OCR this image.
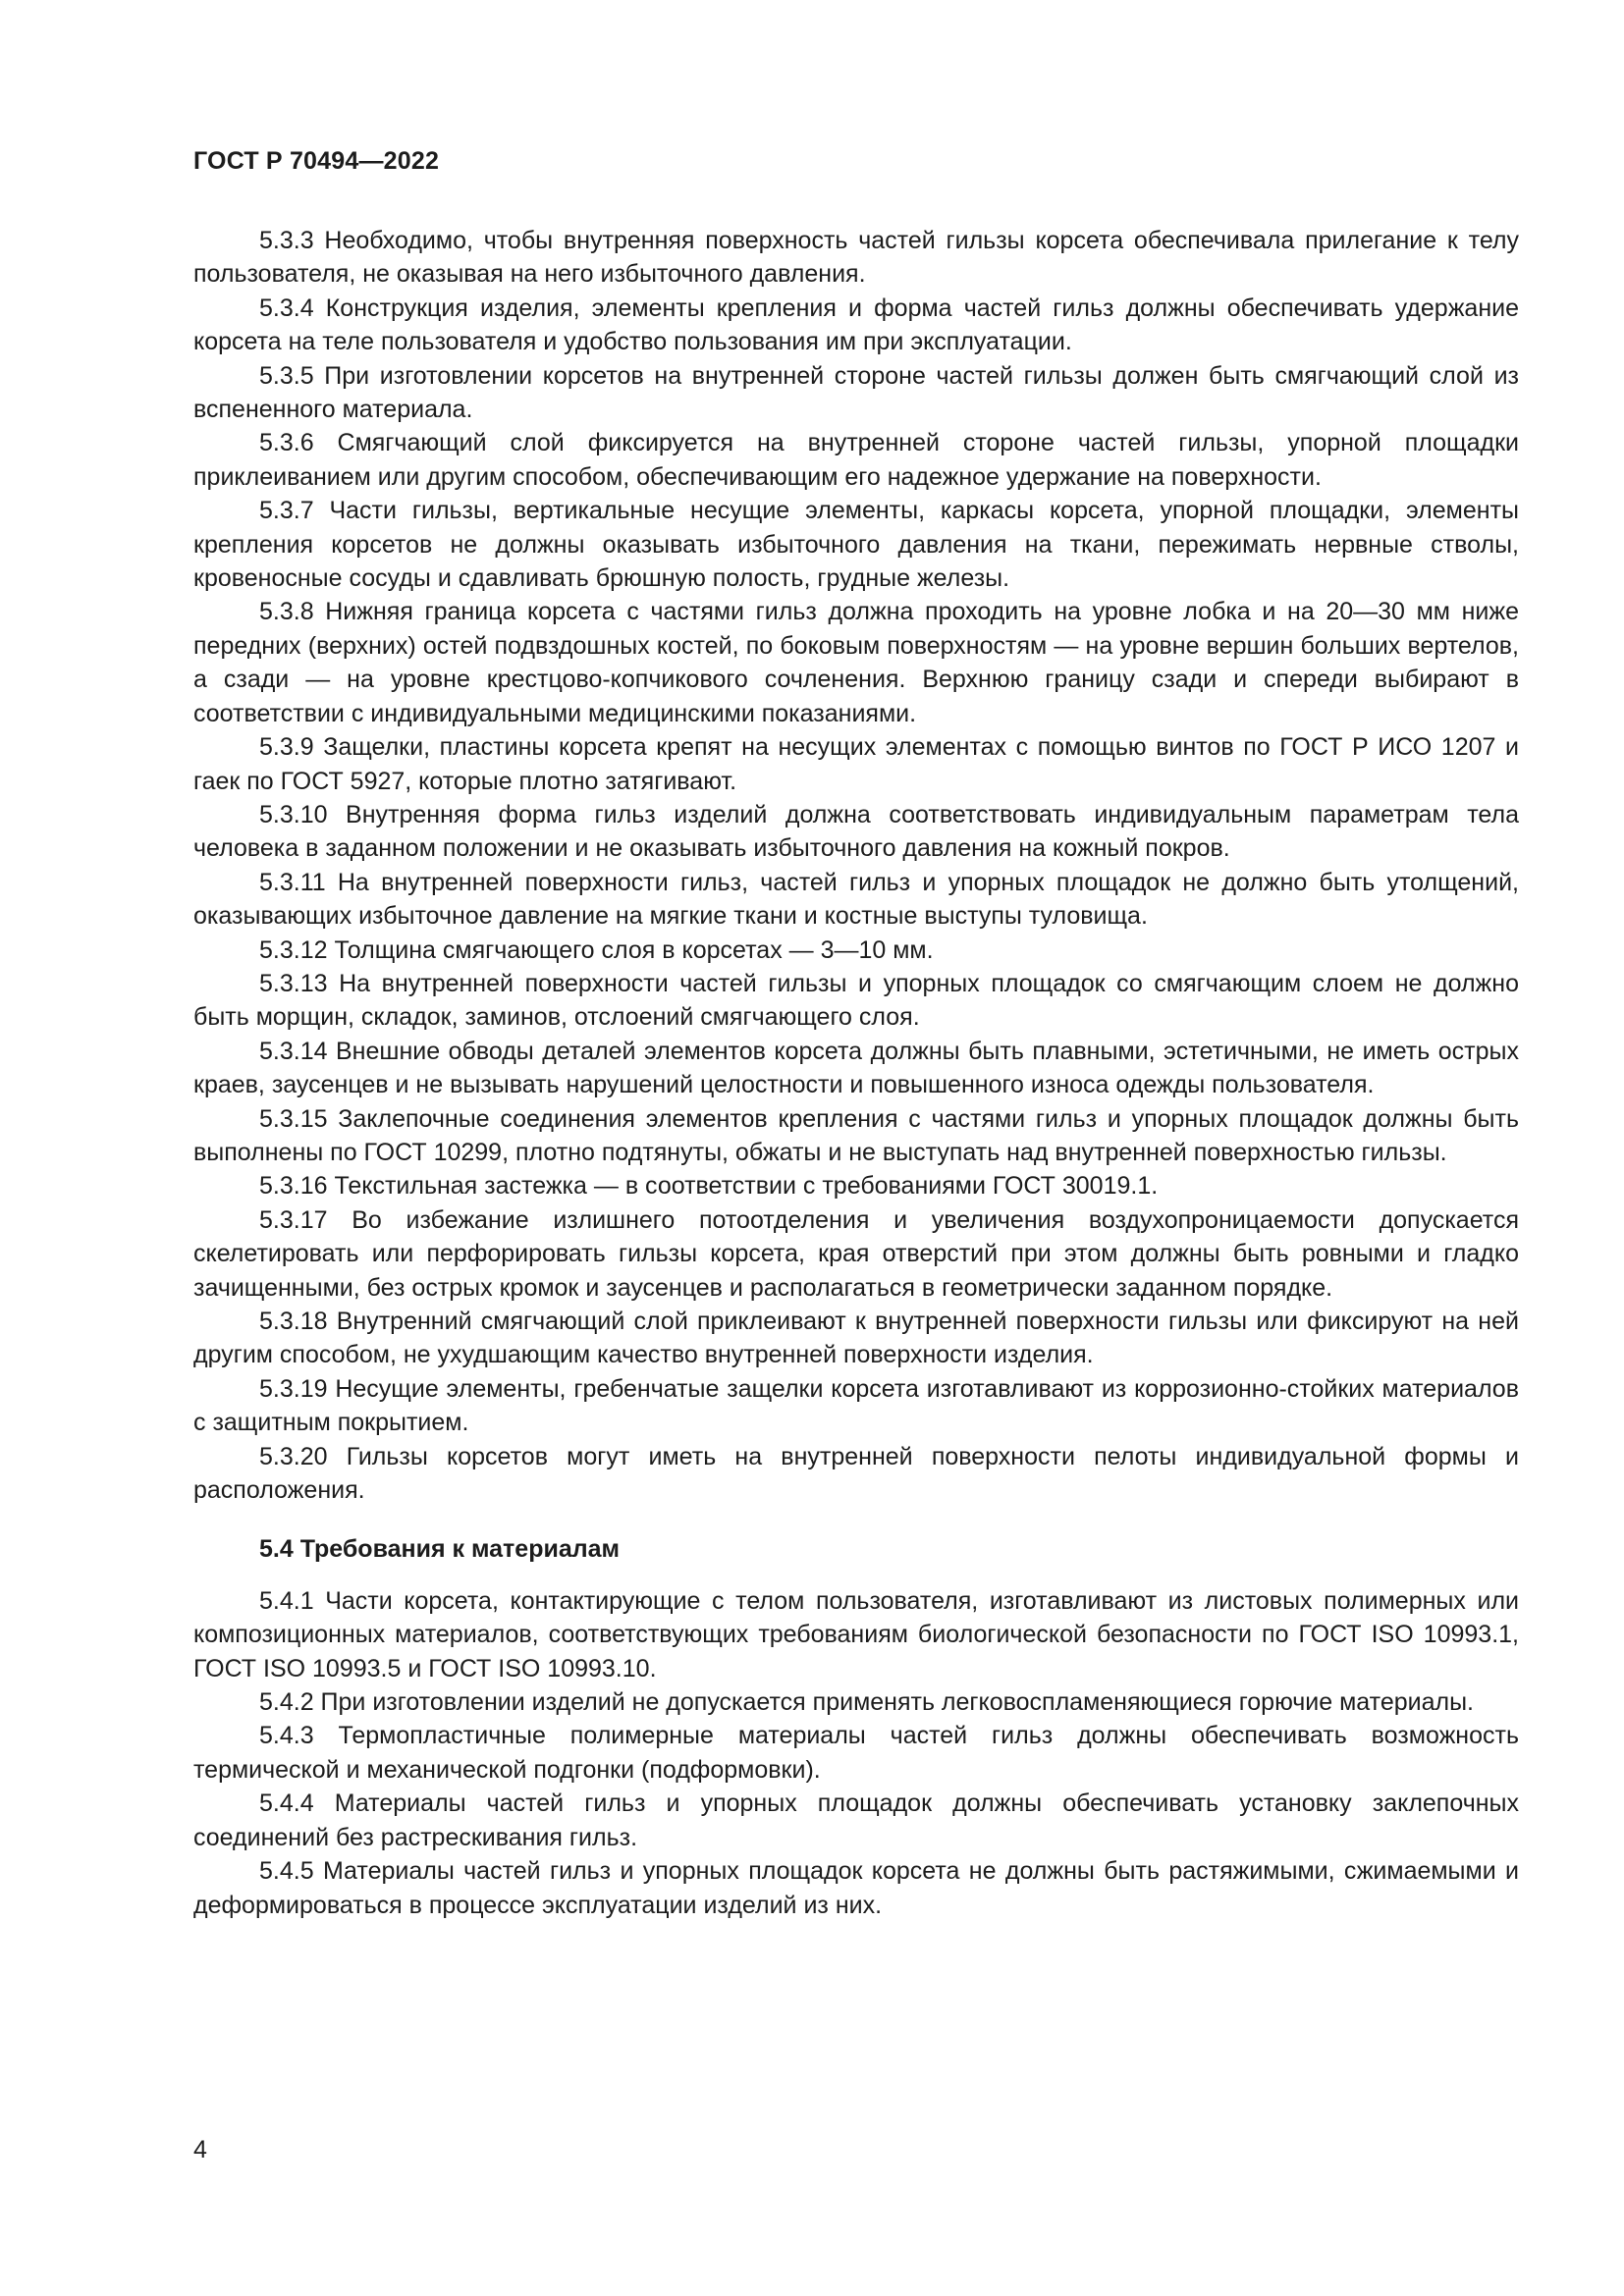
ГОСТ Р 70494—2022

5.3.3 Необходимо, чтобы внутренняя поверхность частей гильзы корсета обеспечивала прилегание к телу пользователя, не оказывая на него избыточного давления.

5.3.4 Конструкция изделия, элементы крепления и форма частей гильз должны обеспечивать удержание корсета на теле пользователя и удобство пользования им при эксплуатации.

5.3.5 При изготовлении корсетов на внутренней стороне частей гильзы должен быть смягчающий слой из вспененного материала.

5.3.6 Смягчающий слой фиксируется на внутренней стороне частей гильзы, упорной площадки приклеиванием или другим способом, обеспечивающим его надежное удержание на поверхности.

5.3.7 Части гильзы, вертикальные несущие элементы, каркасы корсета, упорной площадки, элементы крепления корсетов не должны оказывать избыточного давления на ткани, пережимать нервные стволы, кровеносные сосуды и сдавливать брюшную полость, грудные железы.

5.3.8 Нижняя граница корсета с частями гильз должна проходить на уровне лобка и на 20—30 мм ниже передних (верхних) остей подвздошных костей, по боковым поверхностям — на уровне вершин больших вертелов, а сзади — на уровне крестцово-копчикового сочленения. Верхнюю границу сзади и спереди выбирают в соответствии с индивидуальными медицинскими показаниями.

5.3.9 Защелки, пластины корсета крепят на несущих элементах с помощью винтов по ГОСТ Р ИСО 1207 и гаек по ГОСТ 5927, которые плотно затягивают.

5.3.10 Внутренняя форма гильз изделий должна соответствовать индивидуальным параметрам тела человека в заданном положении и не оказывать избыточного давления на кожный покров.

5.3.11 На внутренней поверхности гильз, частей гильз и упорных площадок не должно быть утолщений, оказывающих избыточное давление на мягкие ткани и костные выступы туловища.

5.3.12 Толщина смягчающего слоя в корсетах — 3—10 мм.

5.3.13 На внутренней поверхности частей гильзы и упорных площадок со смягчающим слоем не должно быть морщин, складок, заминов, отслоений смягчающего слоя.

5.3.14 Внешние обводы деталей элементов корсета должны быть плавными, эстетичными, не иметь острых краев, заусенцев и не вызывать нарушений целостности и повышенного износа одежды пользователя.

5.3.15 Заклепочные соединения элементов крепления с частями гильз и упорных площадок должны быть выполнены по ГОСТ 10299, плотно подтянуты, обжаты и не выступать над внутренней поверхностью гильзы.

5.3.16 Текстильная застежка — в соответствии с требованиями ГОСТ 30019.1.

5.3.17 Во избежание излишнего потоотделения и увеличения воздухопроницаемости допускается скелетировать или перфорировать гильзы корсета, края отверстий при этом должны быть ровными и гладко зачищенными, без острых кромок и заусенцев и располагаться в геометрически заданном порядке.

5.3.18 Внутренний смягчающий слой приклеивают к внутренней поверхности гильзы или фиксируют на ней другим способом, не ухудшающим качество внутренней поверхности изделия.

5.3.19 Несущие элементы, гребенчатые защелки корсета изготавливают из коррозионно-стойких материалов с защитным покрытием.

5.3.20 Гильзы корсетов могут иметь на внутренней поверхности пелоты индивидуальной формы и расположения.

5.4 Требования к материалам

5.4.1 Части корсета, контактирующие с телом пользователя, изготавливают из листовых полимерных или композиционных материалов, соответствующих требованиям биологической безопасности по ГОСТ ISO 10993.1, ГОСТ ISO 10993.5 и ГОСТ ISO 10993.10.

5.4.2 При изготовлении изделий не допускается применять легковоспламеняющиеся горючие материалы.

5.4.3 Термопластичные полимерные материалы частей гильз должны обеспечивать возможность термической и механической подгонки (подформовки).

5.4.4 Материалы частей гильз и упорных площадок должны обеспечивать установку заклепочных соединений без растрескивания гильз.

5.4.5 Материалы частей гильз и упорных площадок корсета не должны быть растяжимыми, сжимаемыми и деформироваться в процессе эксплуатации изделий из них.

4
